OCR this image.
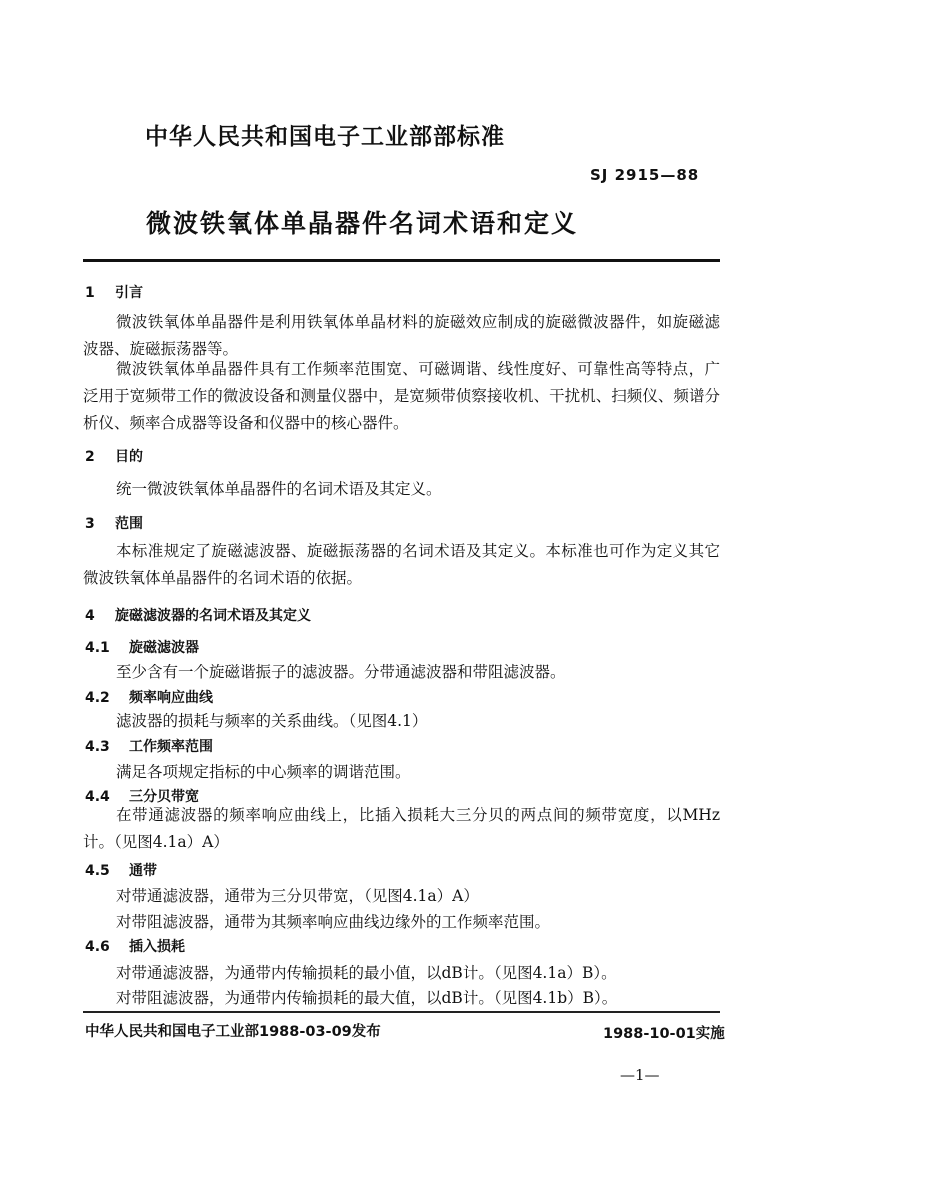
中华人民共和国电子工业部部标准
SJ 2915—88
微波铁氧体单晶器件名词术语和定义
1 引言
微波铁氧体单晶器件是利用铁氧体单晶材料的旋磁效应制成的旋磁微波器件，如旋磁滤波器、旋磁振荡器等。
微波铁氧体单晶器件具有工作频率范围宽、可磁调谐、线性度好、可靠性高等特点，广泛用于宽频带工作的微波设备和测量仪器中，是宽频带侦察接收机、干扰机、扫频仪、频谱分析仪、频率合成器等设备和仪器中的核心器件。
2 目的
统一微波铁氧体单晶器件的名词术语及其定义。
3 范围
本标准规定了旋磁滤波器、旋磁振荡器的名词术语及其定义。本标准也可作为定义其它微波铁氧体单晶器件的名词术语的依据。
4 旋磁滤波器的名词术语及其定义
4.1 旋磁滤波器
至少含有一个旋磁谐振子的滤波器。分带通滤波器和带阻滤波器。
4.2 频率响应曲线
滤波器的损耗与频率的关系曲线。（见图4.1）
4.3 工作频率范围
满足各项规定指标的中心频率的调谐范围。
4.4 三分贝带宽
在带通滤波器的频率响应曲线上，比插入损耗大三分贝的两点间的频带宽度，以MHz计。（见图4.1a）A）
4.5 通带
对带通滤波器，通带为三分贝带宽，（见图4.1a）A）
对带阻滤波器，通带为其频率响应曲线边缘外的工作频率范围。
4.6 插入损耗
对带通滤波器，为通带内传输损耗的最小值，以dB计。（见图4.1a）B）。
对带阻滤波器，为通带内传输损耗的最大值，以dB计。（见图4.1b）B）。
中华人民共和国电子工业部1988-03-09发布	1988-10-01实施
—1—
